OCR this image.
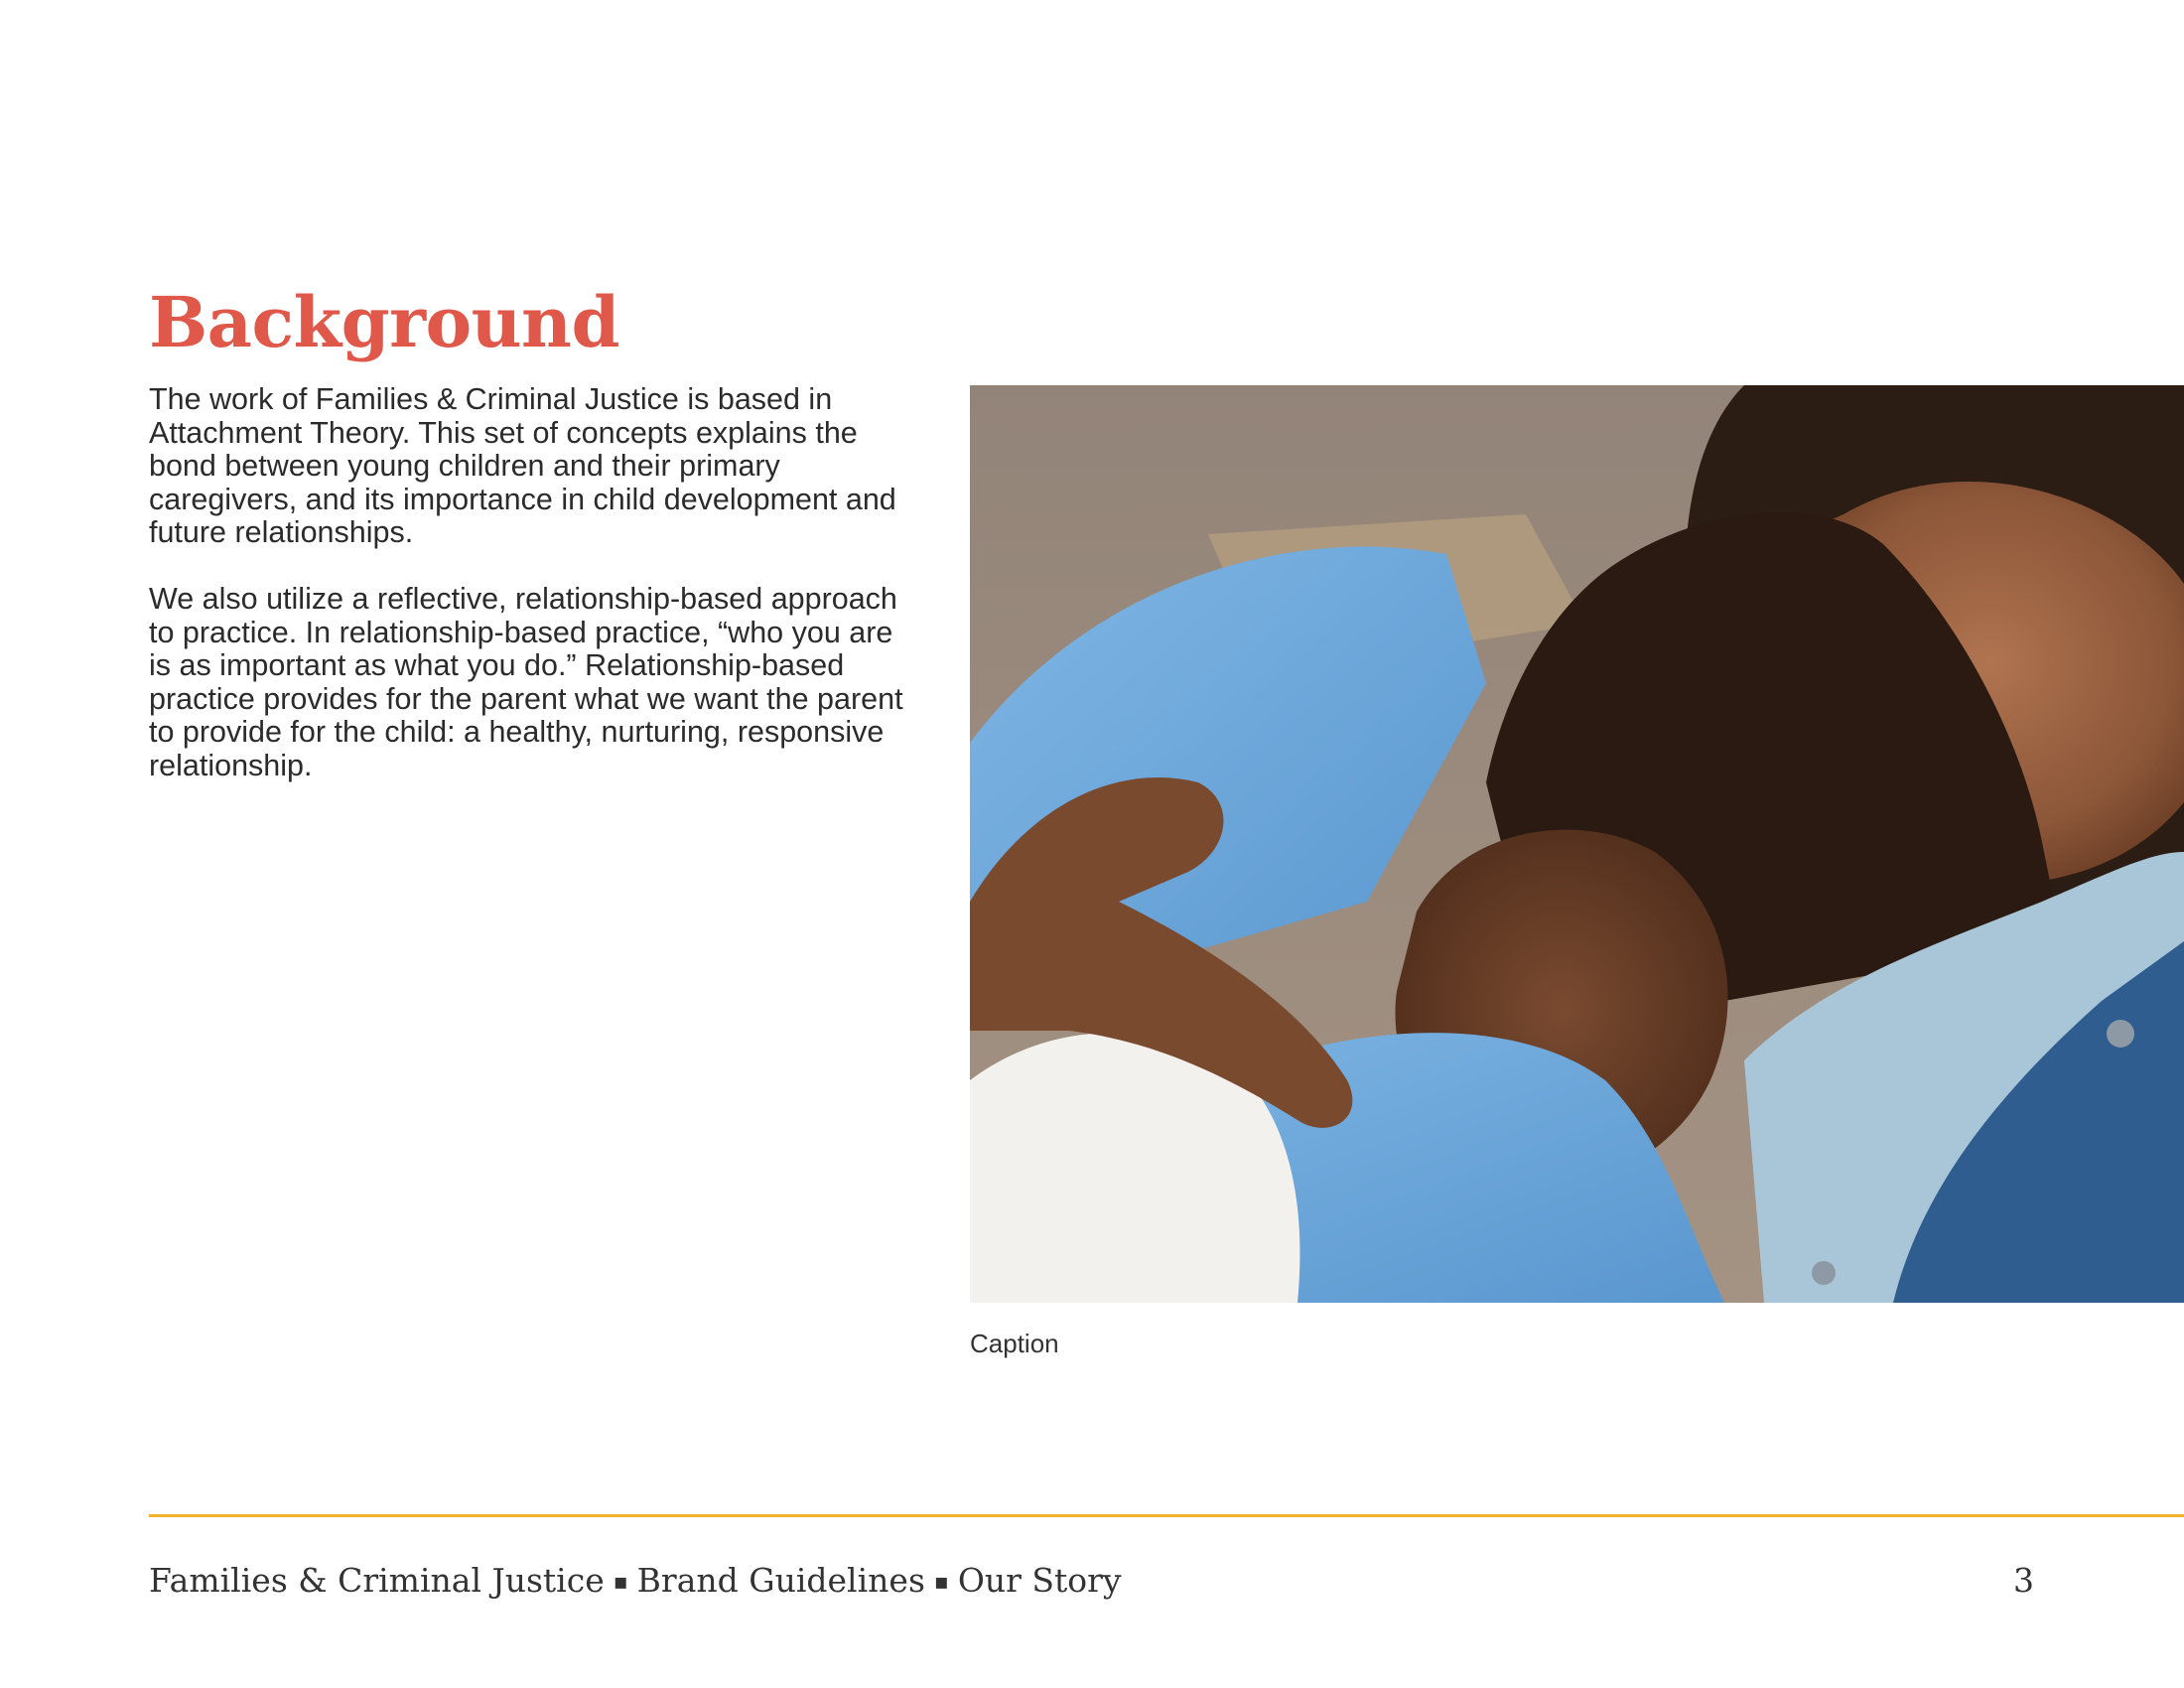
Background

The work of Families & Criminal Justice is based in Attachment Theory. This set of concepts explains the bond between young children and their primary caregivers, and its importance in child development and future relationships.

We also utilize a reflective, relationship-based approach to practice. In relationship-based practice, “who you are is as important as what you do.” Relationship-based practice provides for the parent what we want the parent to provide for the child: a healthy, nurturing, responsive relationship.

Caption
Families & Criminal Justice ▪ Brand Guidelines ▪ Our Story	3
